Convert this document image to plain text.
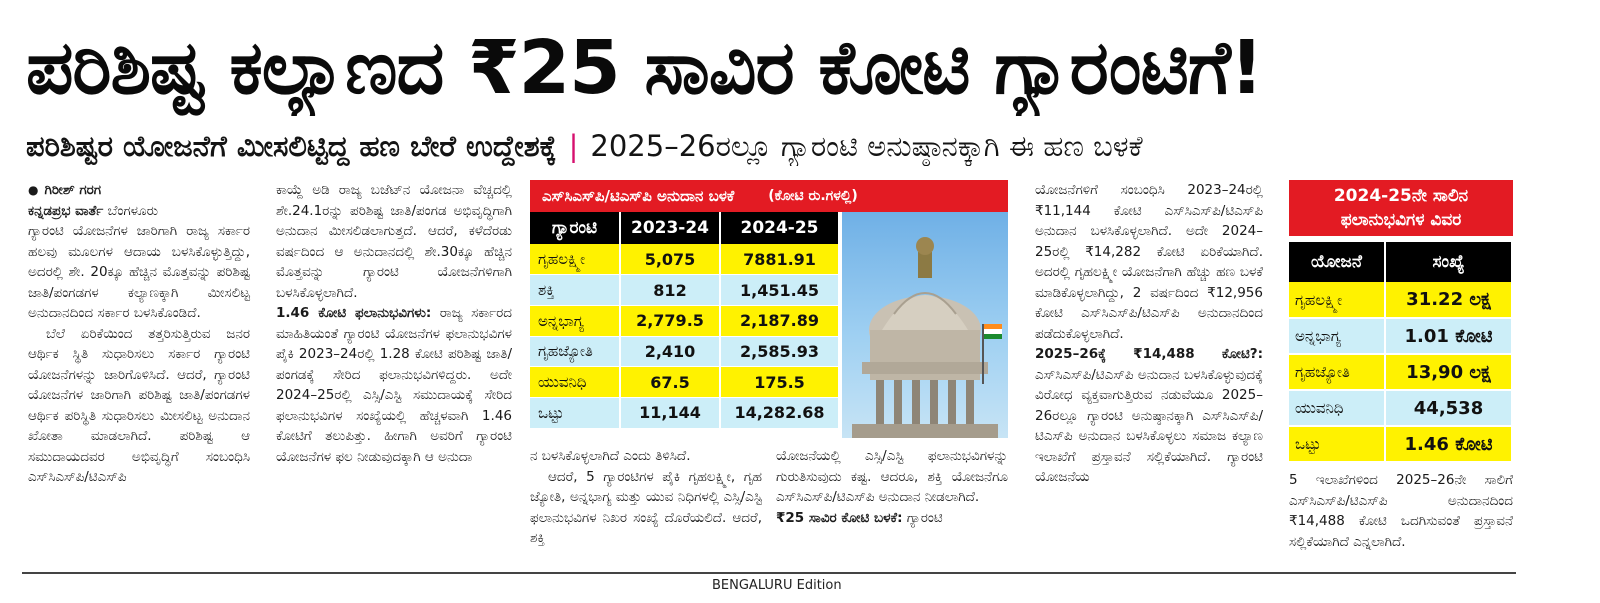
ಪರಿಶಿಷ್ಟ ಕಲ್ಯಾಣದ ₹25 ಸಾವಿರ ಕೋಟಿ ಗ್ಯಾರಂಟಿಗೆ!
ಪರಿಶಿಷ್ಟರ ಯೋಜನೆಗೆ ಮೀಸಲಿಟ್ಟಿದ್ದ ಹಣ ಬೇರೆ ಉದ್ದೇಶಕ್ಕೆ | 2025–26ರಲ್ಲೂ ಗ್ಯಾರಂಟಿ ಅನುಷ್ಠಾನಕ್ಕಾಗಿ ಈ ಹಣ ಬಳಕೆ
● ಗಿರೀಶ್ ಗರಗ

ಕನ್ನಡಪ್ರಭ ವಾರ್ತೆ ಬೆಂಗಳೂರು

ಗ್ಯಾರಂಟಿ ಯೋಜನೆಗಳ ಜಾರಿಗಾಗಿ ರಾಜ್ಯ ಸರ್ಕಾರ ಹಲವು ಮೂಲಗಳ ಆದಾಯ ಬಳಸಿಕೊಳ್ಳುತ್ತಿದ್ದು, ಅದರಲ್ಲಿ ಶೇ. 20ಕ್ಕೂ ಹೆಚ್ಚಿನ ಮೊತ್ತವನ್ನು ಪರಿಶಿಷ್ಟ ಜಾತಿ/ಪಂಗಡಗಳ ಕಲ್ಯಾಣಕ್ಕಾಗಿ ಮೀಸಲಿಟ್ಟ ಅನುದಾನದಿಂದ ಸರ್ಕಾರ ಬಳಸಿಕೊಂಡಿದೆ.

ಬೆಲೆ ಏರಿಕೆಯಿಂದ ತತ್ತರಿಸುತ್ತಿರುವ ಜನರ ಆರ್ಥಿಕ ಸ್ಥಿತಿ ಸುಧಾರಿಸಲು ಸರ್ಕಾರ ಗ್ಯಾರಂಟಿ ಯೋಜನೆಗಳನ್ನು ಜಾರಿಗೊಳಿಸಿದೆ. ಆದರೆ, ಗ್ಯಾರಂಟಿ ಯೋಜನೆಗಳ ಜಾರಿಗಾಗಿ ಪರಿಶಿಷ್ಟ ಜಾತಿ/ಪಂಗಡಗಳ ಆರ್ಥಿಕ ಪರಿಸ್ಥಿತಿ ಸುಧಾರಿಸಲು ಮೀಸಲಿಟ್ಟ ಅನುದಾನ ಖೋತಾ ಮಾಡಲಾಗಿದೆ. ಪರಿಶಿಷ್ಟ ಆ ಸಮುದಾಯದವರ ಅಭಿವೃದ್ಧಿಗೆ ಸಂಬಂಧಿಸಿ ಎಸ್‌ಸಿಎಸ್‌ಪಿ/ಟಿಎಸ್‌ಪಿ

ಕಾಯ್ದೆ ಅಡಿ ರಾಜ್ಯ ಬಜೆಟ್‌ನ ಯೋಜನಾ ವೆಚ್ಚದಲ್ಲಿ ಶೇ.24.1ರನ್ನು ಪರಿಶಿಷ್ಟ ಜಾತಿ/ಪಂಗಡ ಅಭಿವೃದ್ಧಿಗಾಗಿ ಅನುದಾನ ಮೀಸಲಿಡಲಾಗುತ್ತದೆ. ಆದರೆ, ಕಳೆದೆರಡು ವರ್ಷದಿಂದ ಆ ಅನುದಾನದಲ್ಲಿ ಶೇ.30ಕ್ಕೂ ಹೆಚ್ಚಿನ ಮೊತ್ತವನ್ನು ಗ್ಯಾರಂಟಿ ಯೋಜನೆಗಳಿಗಾಗಿ ಬಳಸಿಕೊಳ್ಳಲಾಗಿದೆ.

1.46 ಕೋಟಿ ಫಲಾನುಭವಿಗಳು: ರಾಜ್ಯ ಸರ್ಕಾರದ ಮಾಹಿತಿಯಂತೆ ಗ್ಯಾರಂಟಿ ಯೋಜನೆಗಳ ಫಲಾನುಭವಿಗಳ ಪೈಕಿ 2023–24ರಲ್ಲಿ 1.28 ಕೋಟಿ ಪರಿಶಿಷ್ಟ ಜಾತಿ/ಪಂಗಡಕ್ಕೆ ಸೇರಿದ ಫಲಾನುಭವಿಗಳಿದ್ದರು. ಅದೇ 2024–25ರಲ್ಲಿ ಎಸ್ಸಿ/ಎಸ್ಟಿ ಸಮುದಾಯಕ್ಕೆ ಸೇರಿದ ಫಲಾನುಭವಿಗಳ ಸಂಖ್ಯೆಯಲ್ಲಿ ಹೆಚ್ಚಳವಾಗಿ 1.46 ಕೋಟಿಗೆ ತಲುಪಿತ್ತು. ಹೀಗಾಗಿ ಅವರಿಗೆ ಗ್ಯಾರಂಟಿ ಯೋಜನೆಗಳ ಫಲ ನೀಡುವುದಕ್ಕಾಗಿ ಆ ಅನುದಾ

ಎಸ್‌ಸಿಎಸ್‌ಪಿ/ಟಿಎಸ್‌ಪಿ ಅನುದಾನ ಬಳಕೆ (ಕೋಟಿ ರು.ಗಳಲ್ಲಿ)
ಗ್ಯಾರಂಟಿ	2023-24	2024-25
ಗೃಹಲಕ್ಷ್ಮೀ	5,075	7881.91
ಶಕ್ತಿ	812	1,451.45
ಅನ್ನಭಾಗ್ಯ	2,779.5	2,187.89
ಗೃಹಜ್ಯೋತಿ	2,410	2,585.93
ಯುವನಿಧಿ	67.5	175.5
ಒಟ್ಟು	11,144	14,282.68

ನ ಬಳಸಿಕೊಳ್ಳಲಾಗಿದೆ ಎಂದು ತಿಳಿಸಿದೆ.

ಆದರೆ, 5 ಗ್ಯಾರಂಟಿಗಳ ಪೈಕಿ ಗೃಹಲಕ್ಷ್ಮೀ, ಗೃಹ ಜ್ಯೋತಿ, ಅನ್ನಭಾಗ್ಯ ಮತ್ತು ಯುವ ನಿಧಿಗಳಲ್ಲಿ ಎಸ್ಸಿ/ಎಸ್ಟಿ ಫಲಾನುಭವಿಗಳ ನಿಖರ ಸಂಖ್ಯೆ ದೊರೆಯಲಿದೆ. ಆದರೆ, ಶಕ್ತಿ

ಯೋಜನೆಯಲ್ಲಿ ಎಸ್ಸಿ/ಎಸ್ಟಿ ಫಲಾನುಭವಿಗಳನ್ನು ಗುರುತಿಸುವುದು ಕಷ್ಟ. ಆದರೂ, ಶಕ್ತಿ ಯೋಜನೆಗೂ ಎಸ್‌ಸಿಎಸ್‌ಪಿ/ಟಿಎಸ್‌ಪಿ ಅನುದಾನ ನೀಡಲಾಗಿದೆ.

₹25 ಸಾವಿರ ಕೋಟಿ ಬಳಕೆ: ಗ್ಯಾರಂಟಿ

ಯೋಜನೆಗಳಿಗೆ ಸಂಬಂಧಿಸಿ 2023–24ರಲ್ಲಿ ₹11,144 ಕೋಟಿ ಎಸ್‌ಸಿಎಸ್‌ಪಿ/ಟಿಎಸ್‌ಪಿ ಅನುದಾನ ಬಳಸಿಕೊಳ್ಳಲಾಗಿದೆ. ಅದೇ 2024–25ರಲ್ಲಿ ₹14,282 ಕೋಟಿ ಏರಿಕೆಯಾಗಿದೆ. ಅದರಲ್ಲಿ ಗೃಹಲಕ್ಷ್ಮೀ ಯೋಜನೆಗಾಗಿ ಹೆಚ್ಚು ಹಣ ಬಳಕೆ ಮಾಡಿಕೊಳ್ಳಲಾಗಿದ್ದು, 2 ವರ್ಷದಿಂದ ₹12,956 ಕೋಟಿ ಎಸ್‌ಸಿಎಸ್‌ಪಿ/ಟಿಎಸ್‌ಪಿ ಅನುದಾನದಿಂದ ಪಡೆದುಕೊಳ್ಳಲಾಗಿದೆ.

2025–26ಕ್ಕೆ ₹14,488 ಕೋಟಿ?: ಎಸ್‌ಸಿಎಸ್‌ಪಿ/ಟಿಎಸ್‌ಪಿ ಅನುದಾನ ಬಳಸಿಕೊಳ್ಳುವುದಕ್ಕೆ ವಿರೋಧ ವ್ಯಕ್ತವಾಗುತ್ತಿರುವ ನಡುವೆಯೂ 2025–26ರಲ್ಲೂ ಗ್ಯಾರಂಟಿ ಅನುಷ್ಠಾನಕ್ಕಾಗಿ ಎಸ್‌ಸಿಎಸ್‌ಪಿ/ಟಿಎಸ್‌ಪಿ ಅನುದಾನ ಬಳಸಿಕೊಳ್ಳಲು ಸಮಾಜ ಕಲ್ಯಾಣ ಇಲಾಖೆಗೆ ಪ್ರಸ್ತಾವನೆ ಸಲ್ಲಿಕೆಯಾಗಿದೆ. ಗ್ಯಾರಂಟಿ ಯೋಜನೆಯ

2024-25ನೇ ಸಾಲಿನ
ಫಲಾನುಭವಿಗಳ ವಿವರ
ಯೋಜನೆ	ಸಂಖ್ಯೆ
ಗೃಹಲಕ್ಷ್ಮೀ	31.22 ಲಕ್ಷ
ಅನ್ನಭಾಗ್ಯ	1.01 ಕೋಟಿ
ಗೃಹಜ್ಯೋತಿ	13,90 ಲಕ್ಷ
ಯುವನಿಧಿ	44,538
ಒಟ್ಟು	1.46 ಕೋಟಿ

5 ಇಲಾಖೆಗಳಿಂದ 2025–26ನೇ ಸಾಲಿಗೆ ಎಸ್‌ಸಿಎಸ್‌ಪಿ/ಟಿಎಸ್‌ಪಿ ಅನುದಾನದಿಂದ ₹14,488 ಕೋಟಿ ಒದಗಿಸುವಂತೆ ಪ್ರಸ್ತಾವನೆ ಸಲ್ಲಿಕೆಯಾಗಿದೆ ಎನ್ನಲಾಗಿದೆ.

BENGALURU Edition
